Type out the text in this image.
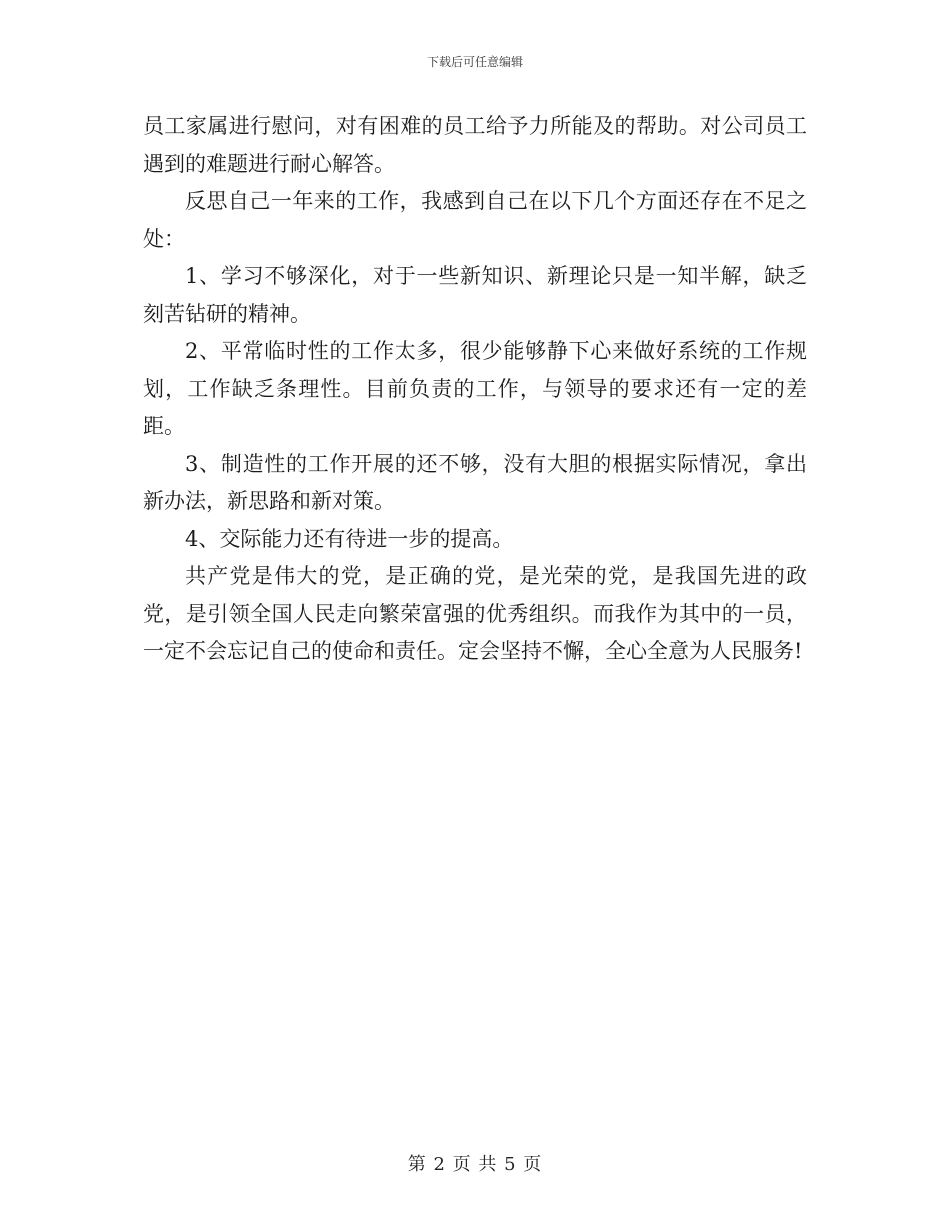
下载后可任意编辑

员工家属进行慰问，对有困难的员工给予力所能及的帮助。对公司员工遇到的难题进行耐心解答。

反思自己一年来的工作，我感到自己在以下几个方面还存在不足之处：

1、学习不够深化，对于一些新知识、新理论只是一知半解，缺乏刻苦钻研的精神。

2、平常临时性的工作太多，很少能够静下心来做好系统的工作规划，工作缺乏条理性。目前负责的工作，与领导的要求还有一定的差距。

3、制造性的工作开展的还不够，没有大胆的根据实际情况，拿出新办法，新思路和新对策。

4、交际能力还有待进一步的提高。

共产党是伟大的党，是正确的党，是光荣的党，是我国先进的政党，是引领全国人民走向繁荣富强的优秀组织。而我作为其中的一员，一定不会忘记自己的使命和责任。定会坚持不懈，全心全意为人民服务!

第 2 页 共 5 页
